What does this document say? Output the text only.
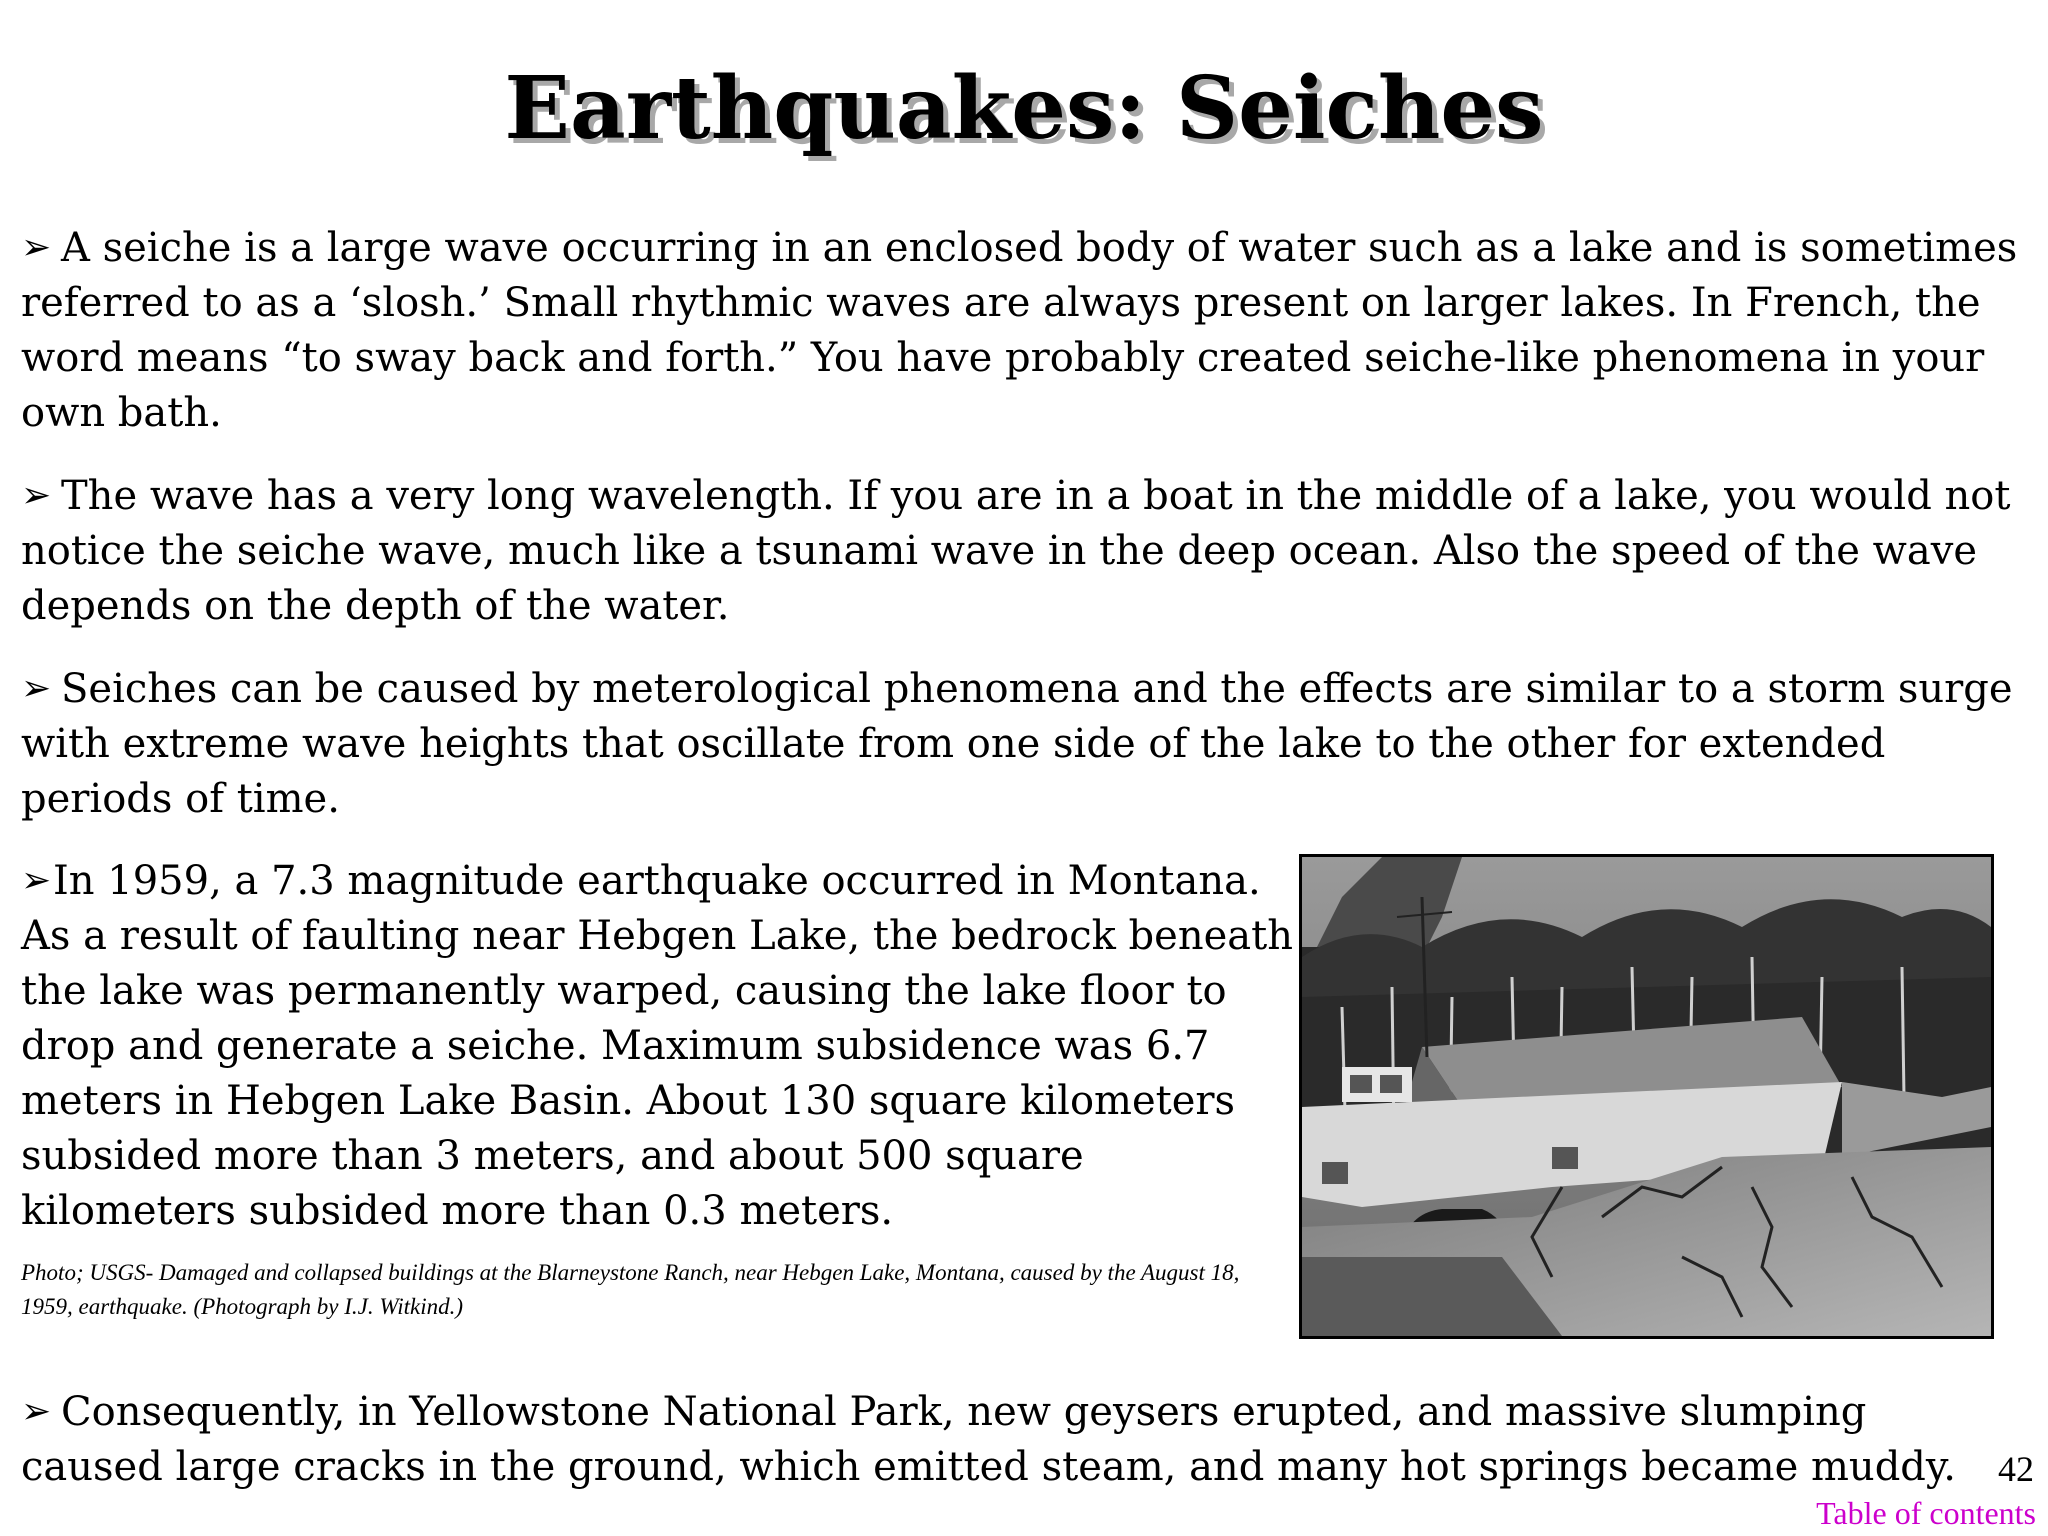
Earthquakes: Seiches

➢ A seiche is a large wave occurring in an enclosed body of water such as a lake and is sometimes referred to as a ‘slosh.’ Small rhythmic waves are always present on larger lakes. In French, the word means “to sway back and forth.” You have probably created seiche-like phenomena in your own bath.

➢ The wave has a very long wavelength. If you are in a boat in the middle of a lake, you would not notice the seiche wave, much like a tsunami wave in the deep ocean. Also the speed of the wave depends on the depth of the water.

➢ Seiches can be caused by meterological phenomena and the effects are similar to a storm surge with extreme wave heights that oscillate from one side of the lake to the other for extended periods of time.

➢In 1959, a 7.3 magnitude earthquake occurred in Montana. As a result of faulting near Hebgen Lake, the bedrock beneath the lake was permanently warped, causing the lake floor to drop and generate a seiche. Maximum subsidence was 6.7 meters in Hebgen Lake Basin. About 130 square kilometers subsided more than 3 meters, and about 500 square kilometers subsided more than 0.3 meters.

Photo; USGS- Damaged and collapsed buildings at the Blarneystone Ranch, near Hebgen Lake, Montana, caused by the August 18, 1959, earthquake. (Photograph by I.J. Witkind.)

➢ Consequently, in Yellowstone National Park, new geysers erupted, and massive slumping caused large cracks in the ground, which emitted steam, and many hot springs became muddy.	42
Table of contents
